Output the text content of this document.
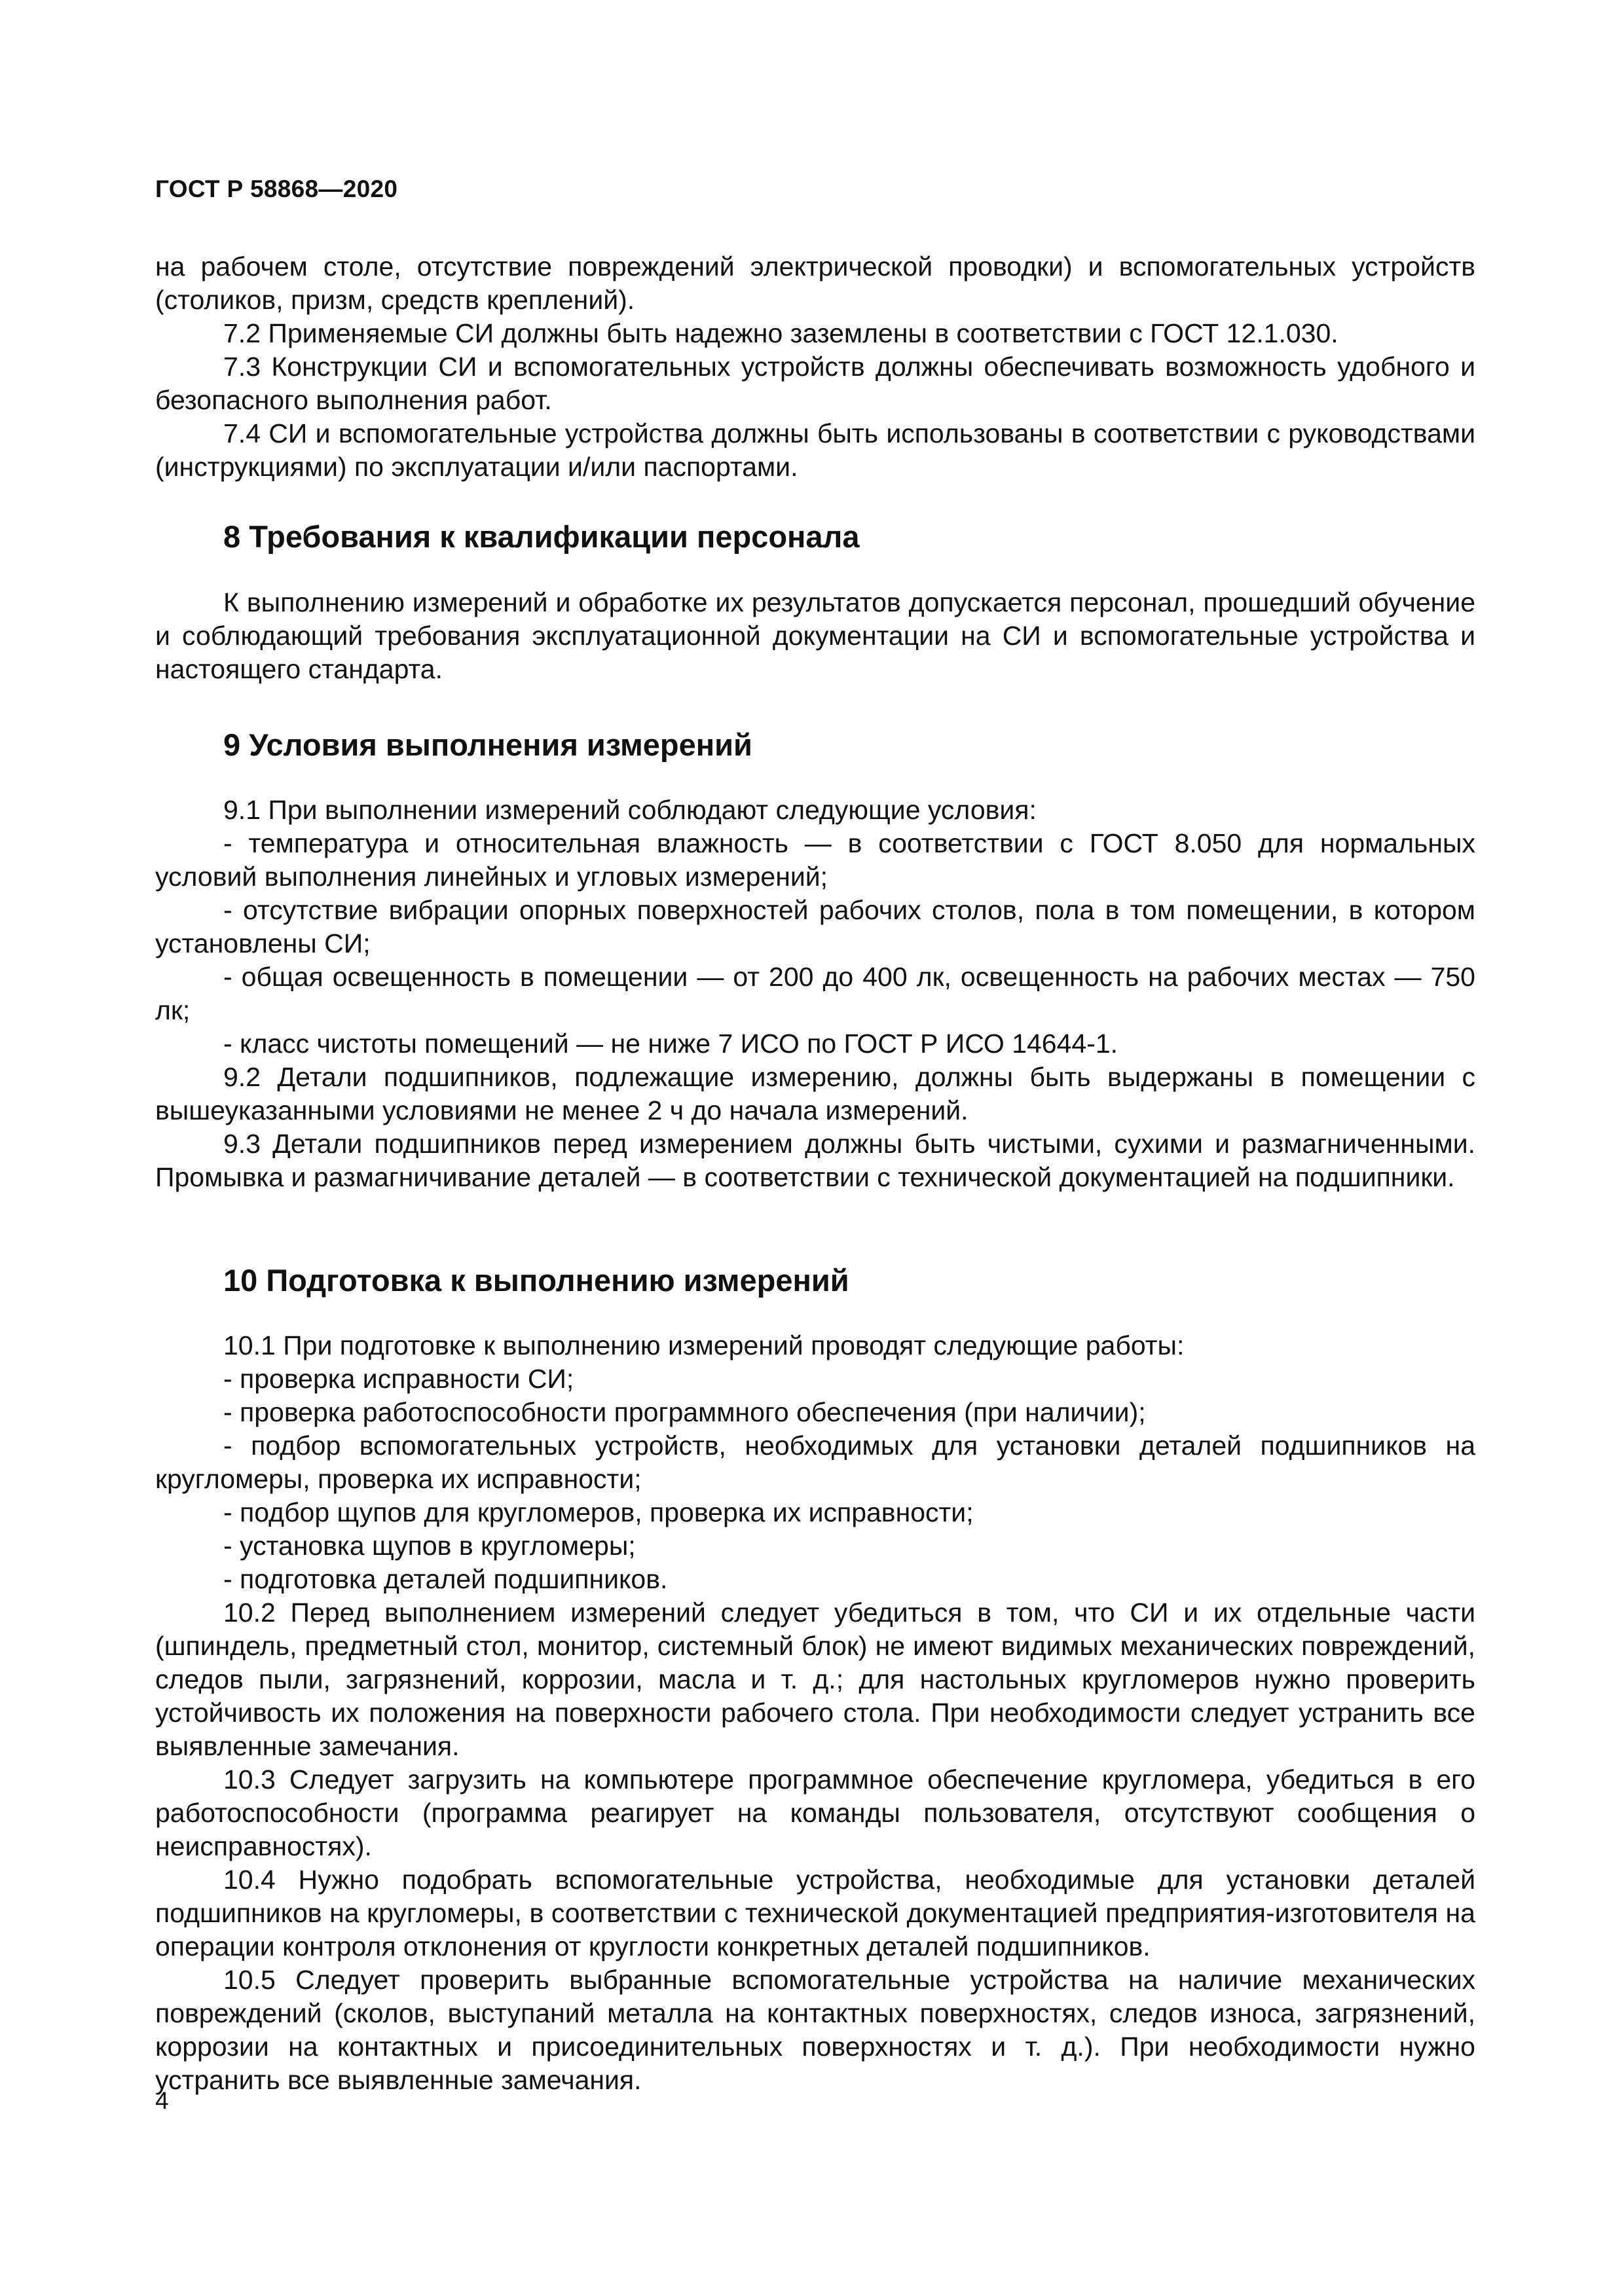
ГОСТ Р 58868—2020

на рабочем столе, отсутствие повреждений электрической проводки) и вспомогательных устройств (столиков, призм, средств креплений).

7.2 Применяемые СИ должны быть надежно заземлены в соответствии с ГОСТ 12.1.030.

7.3 Конструкции СИ и вспомогательных устройств должны обеспечивать возможность удобного и безопасного выполнения работ.

7.4 СИ и вспомогательные устройства должны быть использованы в соответствии с руководствами (инструкциями) по эксплуатации и/или паспортами.

8 Требования к квалификации персонала

К выполнению измерений и обработке их результатов допускается персонал, прошедший обучение и соблюдающий требования эксплуатационной документации на СИ и вспомогательные устройства и настоящего стандарта.

9 Условия выполнения измерений

9.1 При выполнении измерений соблюдают следующие условия:

- температура и относительная влажность — в соответствии с ГОСТ 8.050 для нормальных условий выполнения линейных и угловых измерений;

- отсутствие вибрации опорных поверхностей рабочих столов, пола в том помещении, в котором установлены СИ;

- общая освещенность в помещении — от 200 до 400 лк, освещенность на рабочих местах — 750 лк;

- класс чистоты помещений — не ниже 7 ИСО по ГОСТ Р ИСО 14644-1.

9.2 Детали подшипников, подлежащие измерению, должны быть выдержаны в помещении с вышеуказанными условиями не менее 2 ч до начала измерений.

9.3 Детали подшипников перед измерением должны быть чистыми, сухими и размагниченными. Промывка и размагничивание деталей — в соответствии с технической документацией на подшипники.

10 Подготовка к выполнению измерений

10.1 При подготовке к выполнению измерений проводят следующие работы:

- проверка исправности СИ;

- проверка работоспособности программного обеспечения (при наличии);

- подбор вспомогательных устройств, необходимых для установки деталей подшипников на кругломеры, проверка их исправности;

- подбор щупов для кругломеров, проверка их исправности;

- установка щупов в кругломеры;

- подготовка деталей подшипников.

10.2 Перед выполнением измерений следует убедиться в том, что СИ и их отдельные части (шпиндель, предметный стол, монитор, системный блок) не имеют видимых механических повреждений, следов пыли, загрязнений, коррозии, масла и т. д.; для настольных кругломеров нужно проверить устойчивость их положения на поверхности рабочего стола. При необходимости следует устранить все выявленные замечания.

10.3 Следует загрузить на компьютере программное обеспечение кругломера, убедиться в его работоспособности (программа реагирует на команды пользователя, отсутствуют сообщения о неисправностях).

10.4 Нужно подобрать вспомогательные устройства, необходимые для установки деталей подшипников на кругломеры, в соответствии с технической документацией предприятия-изготовителя на операции контроля отклонения от круглости конкретных деталей подшипников.

10.5 Следует проверить выбранные вспомогательные устройства на наличие механических повреждений (сколов, выступаний металла на контактных поверхностях, следов износа, загрязнений, коррозии на контактных и присоединительных поверхностях и т. д.). При необходимости нужно устранить все выявленные замечания.

4
